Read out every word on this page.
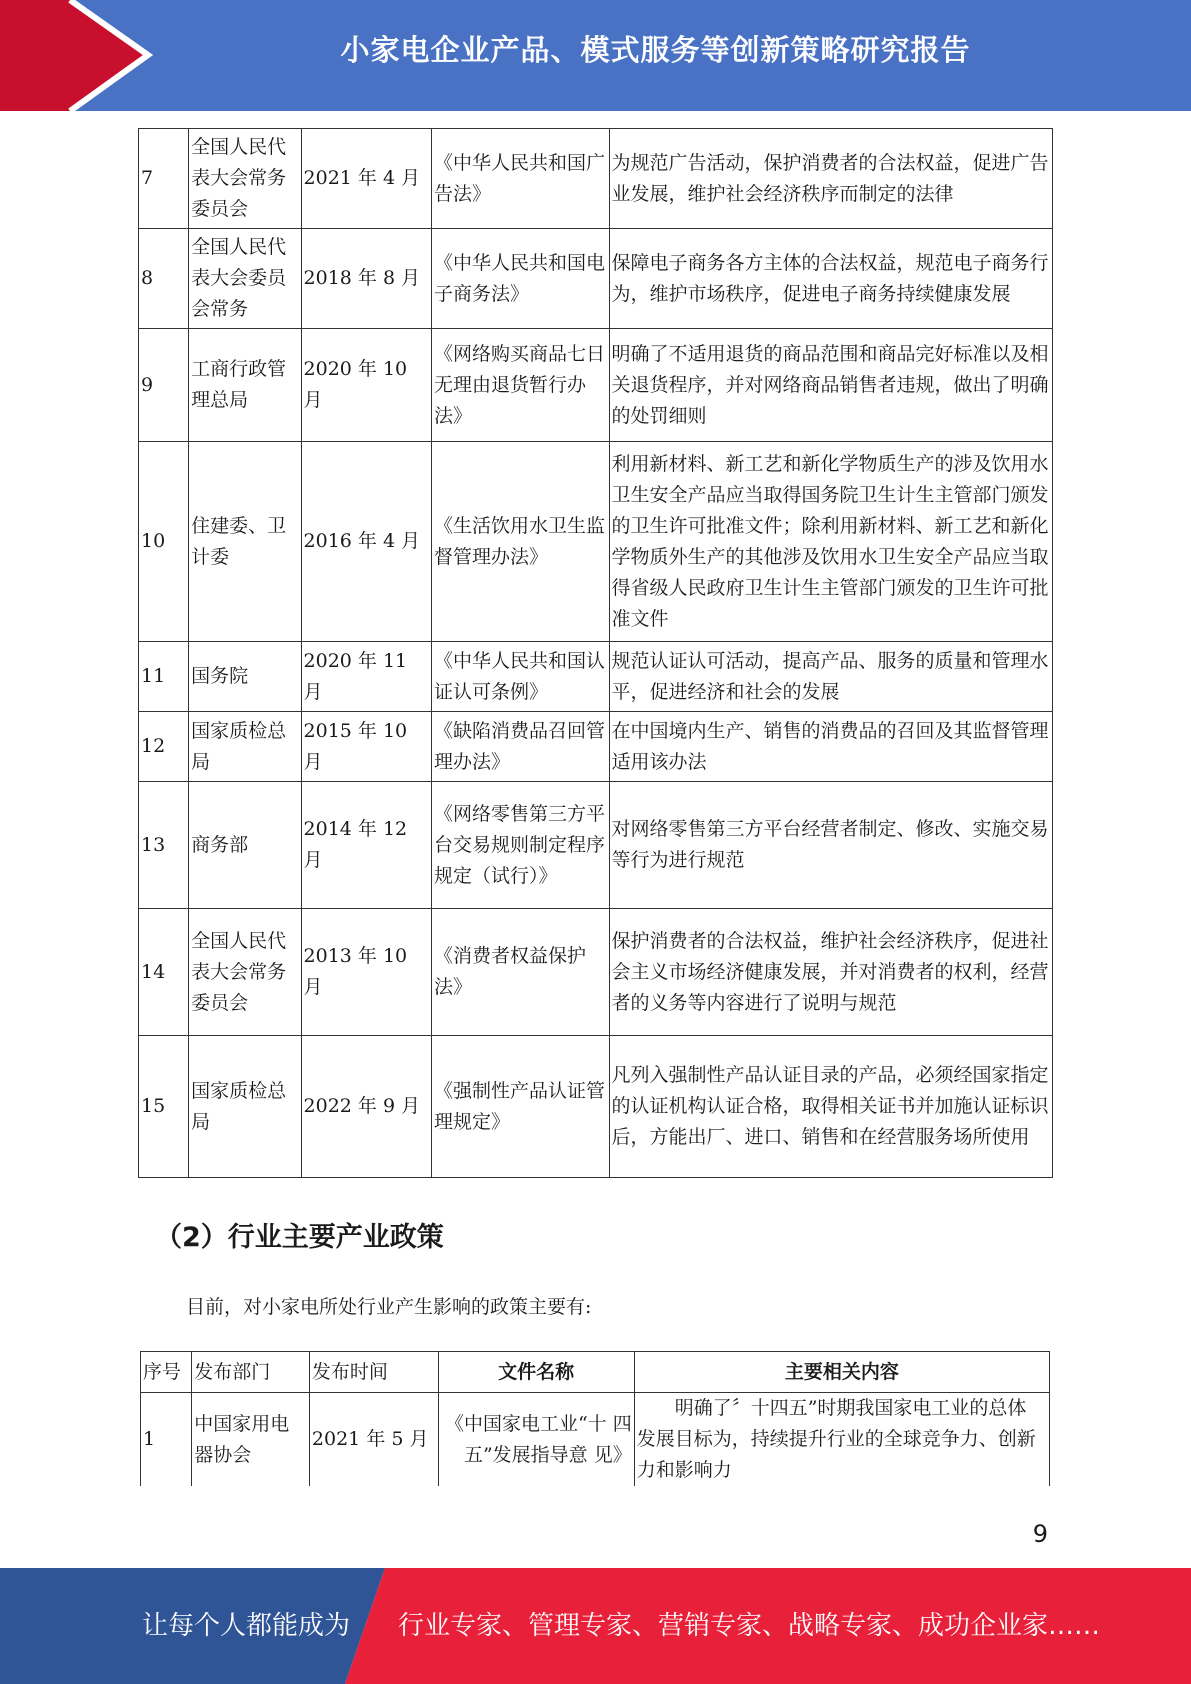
小家电企业产品、模式服务等创新策略研究报告
7	全国人民代表大会常务委员会	2021 年 4 月	《中华人民共和国广告法》	为规范广告活动，保护消费者的合法权益，促进广告业发展，维护社会经济秩序而制定的法律
8	全国人民代表大会委员会常务	2018 年 8 月	《中华人民共和国电子商务法》	保障电子商务各方主体的合法权益，规范电子商务行为，维护市场秩序，促进电子商务持续健康发展
9	工商行政管理总局	2020 年 10 月	《网络购买商品七日无理由退货暂行办法》	明确了不适用退货的商品范围和商品完好标准以及相关退货程序，并对网络商品销售者违规，做出了明确的处罚细则
10	住建委、卫计委	2016 年 4 月	《生活饮用水卫生监督管理办法》	利用新材料、新工艺和新化学物质生产的涉及饮用水卫生安全产品应当取得国务院卫生计生主管部门颁发的卫生许可批准文件；除利用新材料、新工艺和新化学物质外生产的其他涉及饮用水卫生安全产品应当取得省级人民政府卫生计生主管部门颁发的卫生许可批准文件
11	国务院	2020 年 11 月	《中华人民共和国认证认可条例》	规范认证认可活动，提高产品、服务的质量和管理水平，促进经济和社会的发展
12	国家质检总局	2015 年 10 月	《缺陷消费品召回管理办法》	在中国境内生产、销售的消费品的召回及其监督管理适用该办法
13	商务部	2014 年 12 月	《网络零售第三方平台交易规则制定程序规定（试行）》	对网络零售第三方平台经营者制定、修改、实施交易等行为进行规范
14	全国人民代表大会常务委员会	2013 年 10 月	《消费者权益保护法》	保护消费者的合法权益，维护社会经济秩序，促进社会主义市场经济健康发展，并对消费者的权利，经营者的义务等内容进行了说明与规范
15	国家质检总局	2022 年 9 月	《强制性产品认证管理规定》	凡列入强制性产品认证目录的产品，必须经国家指定的认证机构认证合格，取得相关证书并加施认证标识后，方能出厂、进口、销售和在经营服务场所使用
（2）行业主要产业政策
目前，对小家电所处行业产生影响的政策主要有:
序号	发布部门	发布时间	文件名称	主要相关内容
1	中国家用电器协会	2021 年 5 月	《中国家电工业“十 四五”发展指导意 见》	明确了〞十四五”时期我国家电工业的总体 发展目标为，持续提升行业的全球竞争力、创新力和影响力
9
让每个人都能成为 行业专家、管理专家、营销专家、战略专家、成功企业家……
